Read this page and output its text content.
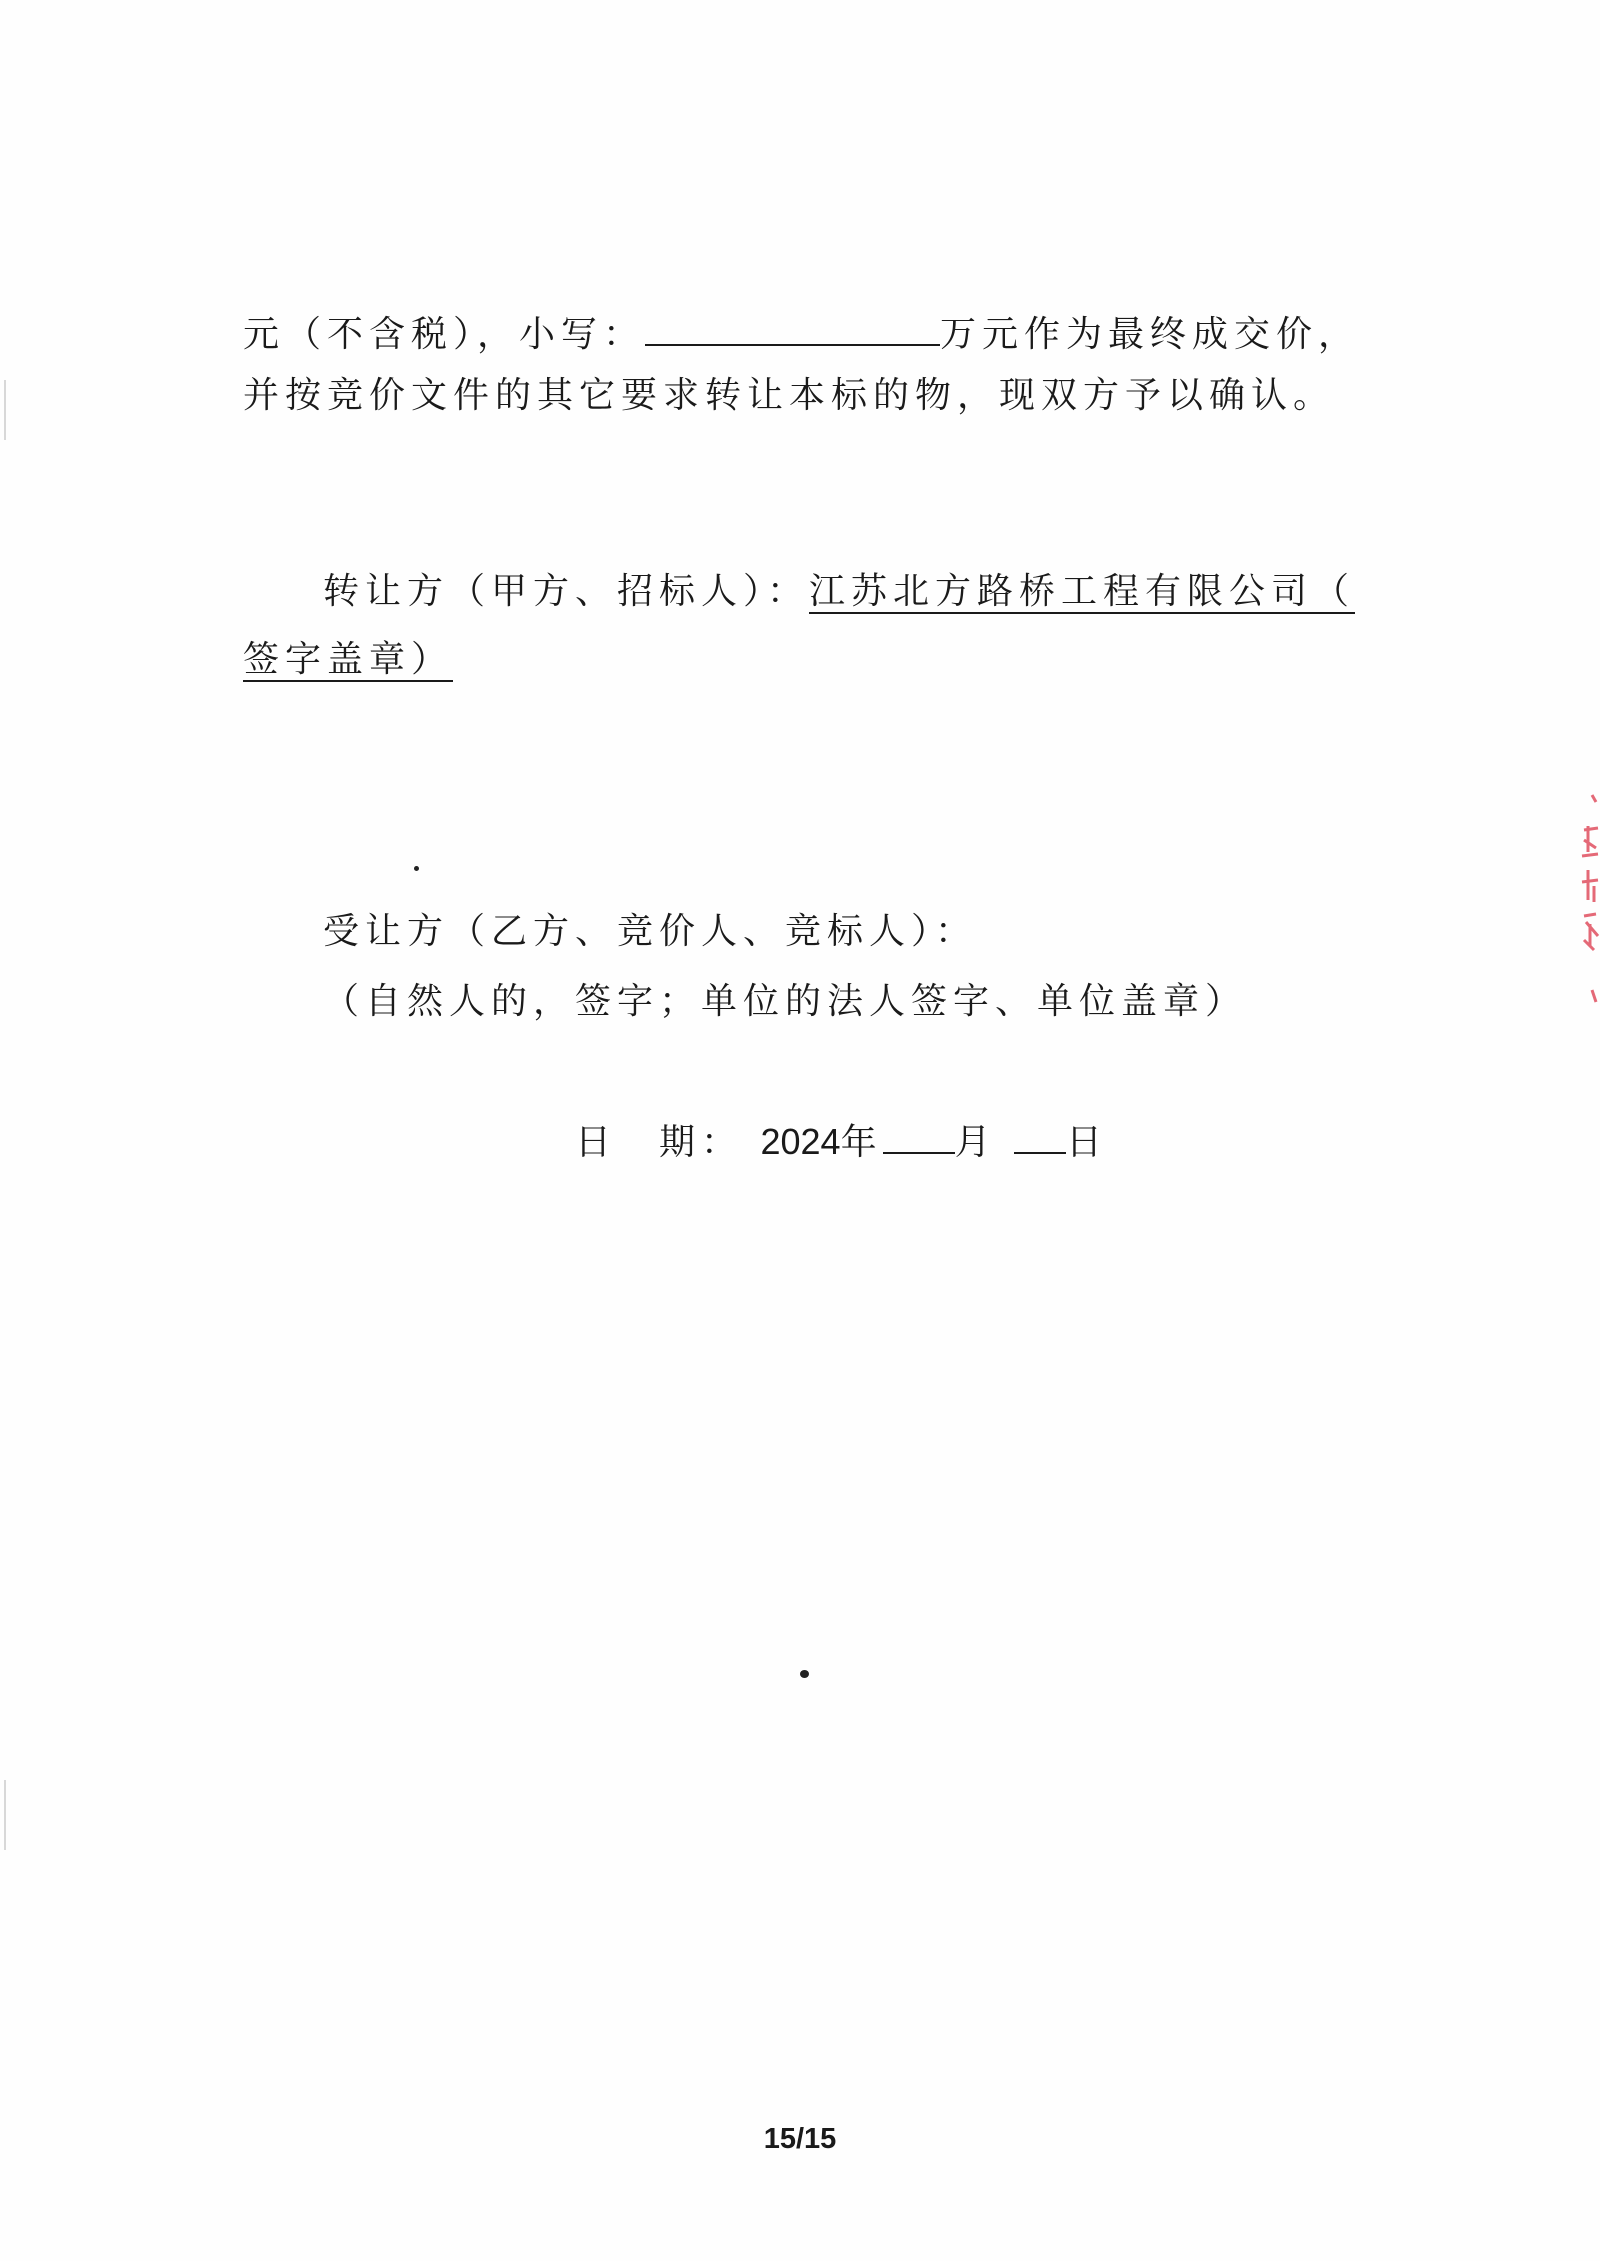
元（不含税），小写：	万元作为最终成交价，
并按竞价文件的其它要求转让本标的物，现双方予以确认。
转让方（甲方、招标人）：江苏北方路桥工程有限公司（
签字盖章）
受让方（乙方、竞价人、竞标人）：
（自然人的，签字；单位的法人签字、单位盖章）
日　期： 2024年 月 日
15/15
